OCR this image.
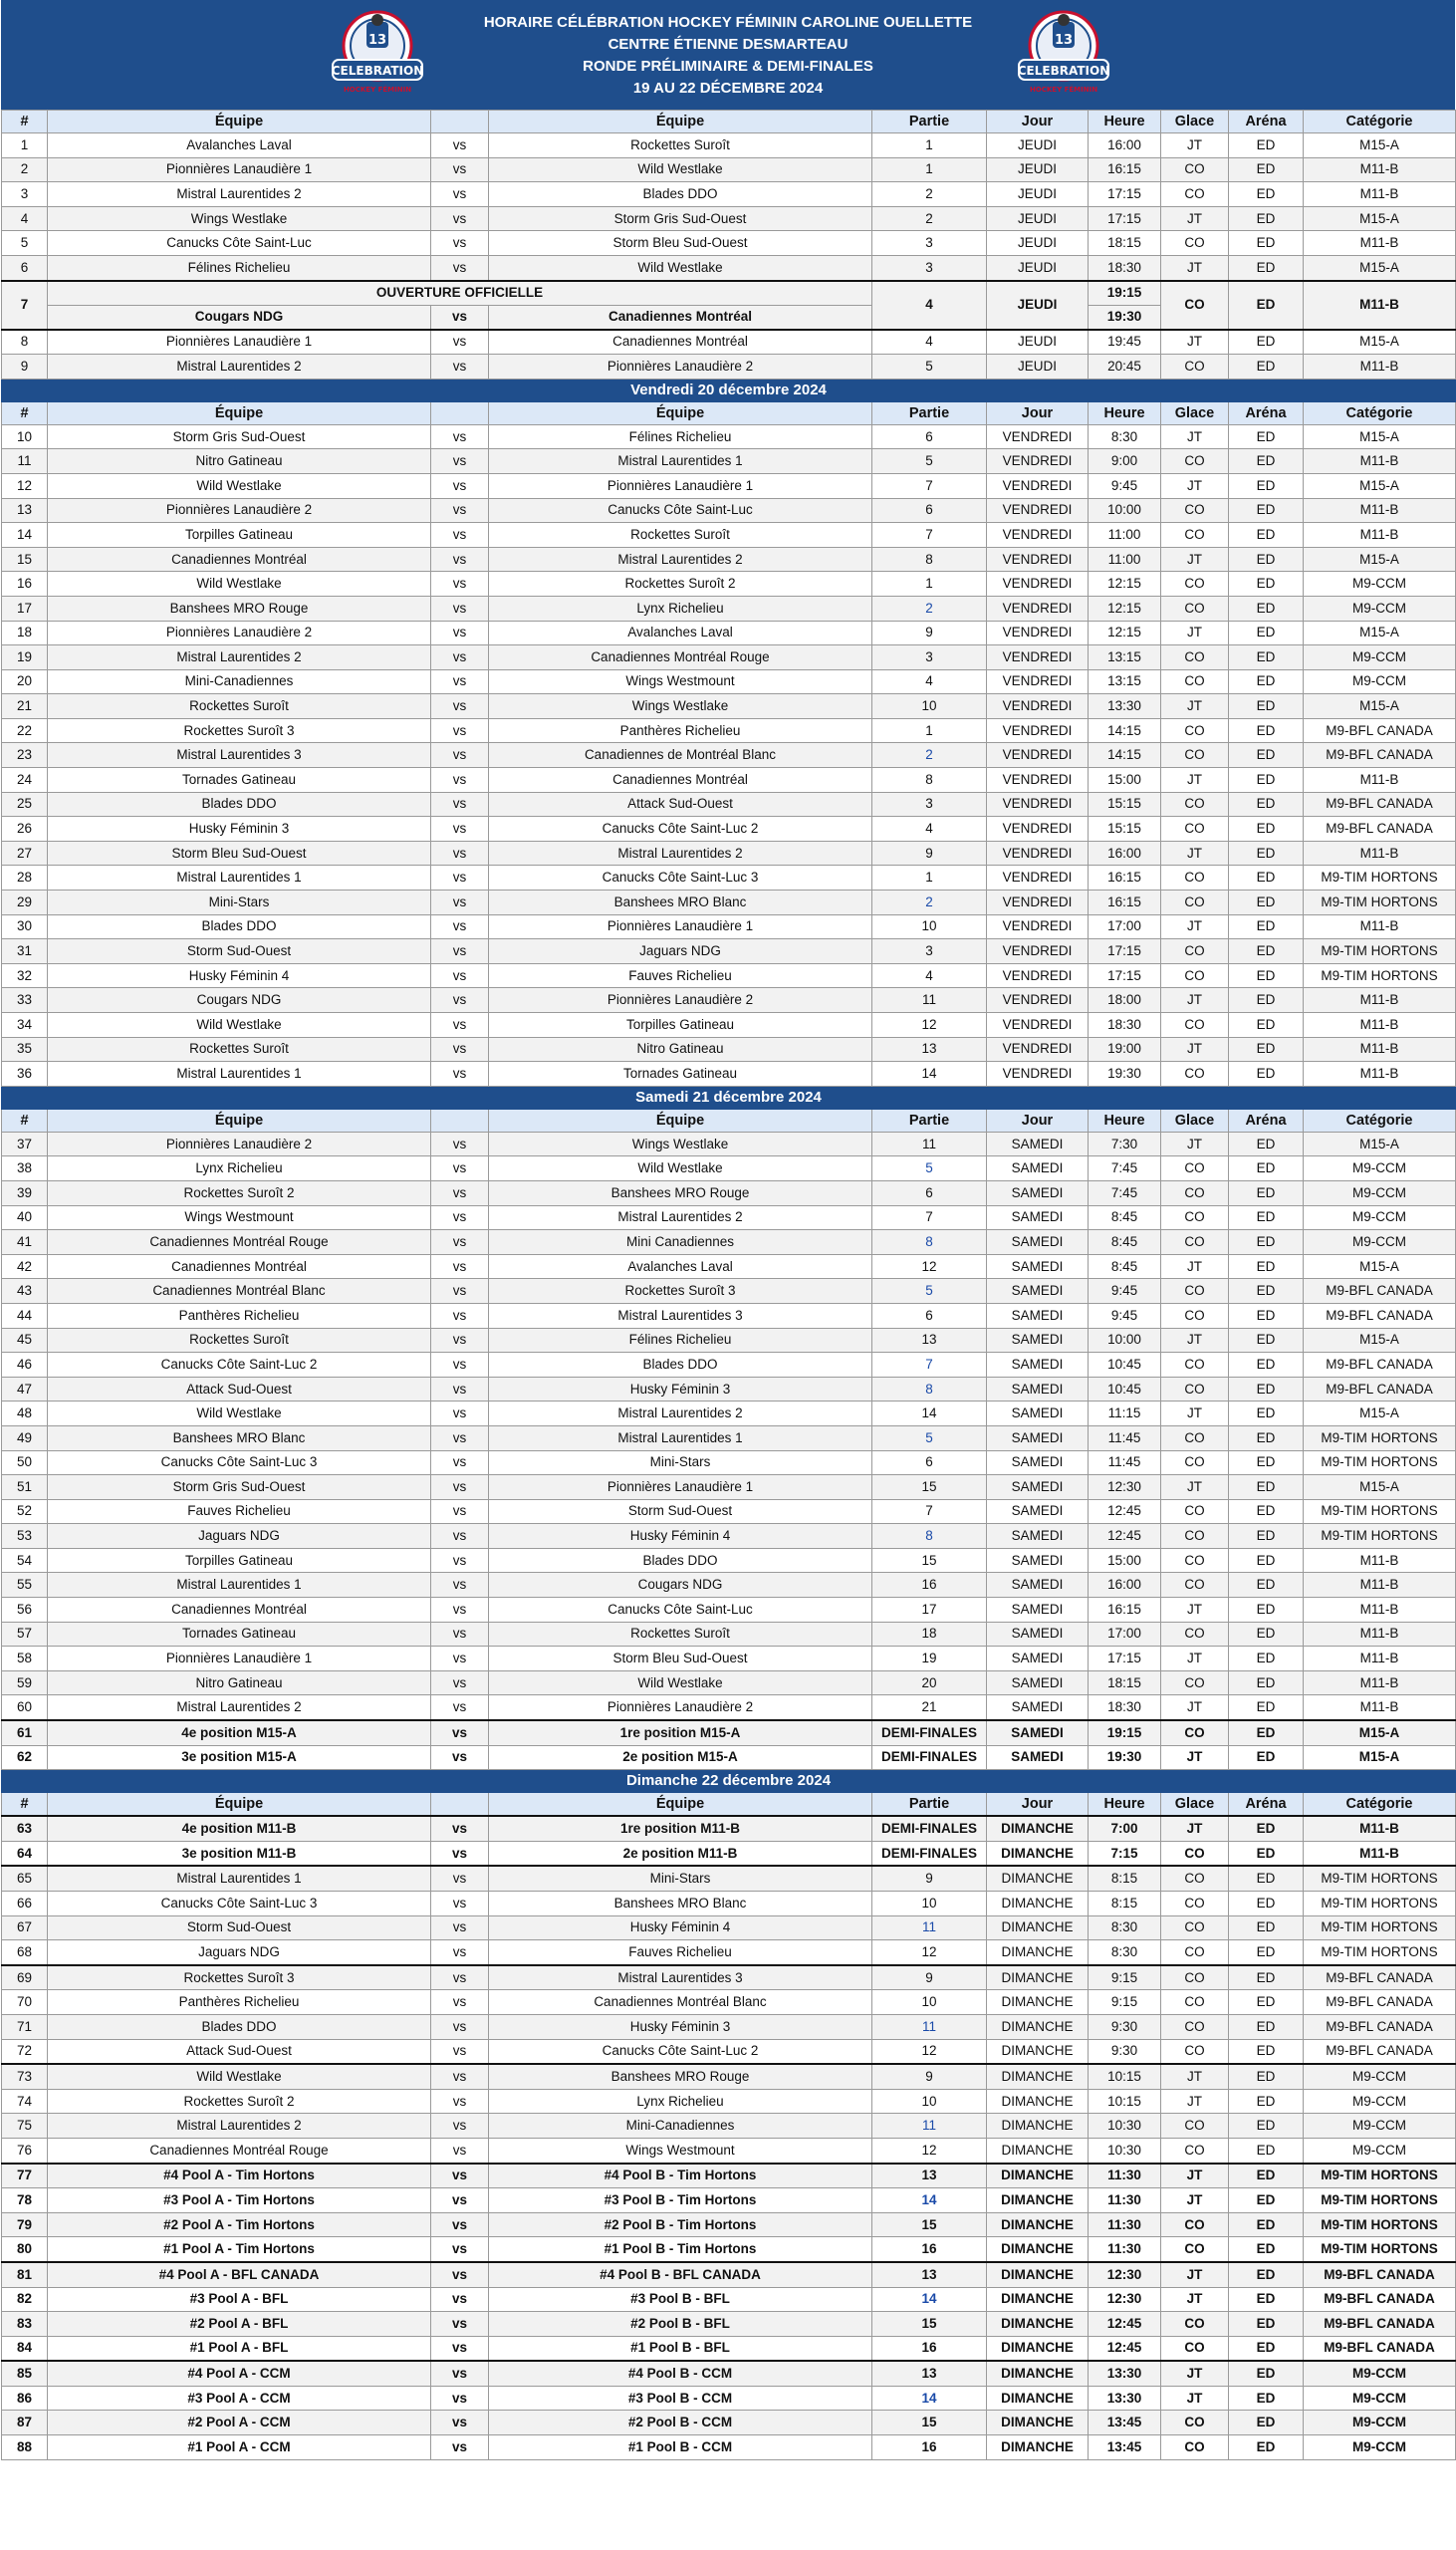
13
CELEBRATION
HOCKEY FÉMININ
HORAIRE CÉLÉBRATION HOCKEY FÉMININ CAROLINE OUELLETTE
CENTRE ÉTIENNE DESMARTEAU
RONDE PRÉLIMINAIRE & DEMI-FINALES
19 AU 22 DÉCEMBRE 2024
13
CELEBRATION
HOCKEY FÉMININ
#	Équipe		Équipe	Partie	Jour	Heure	Glace	Aréna	Catégorie
1	Avalanches Laval	vs	Rockettes Suroît	1	JEUDI	16:00	JT	ED	M15-A
2	Pionnières Lanaudière 1	vs	Wild Westlake	1	JEUDI	16:15	CO	ED	M11-B
3	Mistral Laurentides 2	vs	Blades DDO	2	JEUDI	17:15	CO	ED	M11-B
4	Wings Westlake	vs	Storm Gris Sud-Ouest	2	JEUDI	17:15	JT	ED	M15-A
5	Canucks Côte Saint-Luc	vs	Storm Bleu Sud-Ouest	3	JEUDI	18:15	CO	ED	M11-B
6	Félines Richelieu	vs	Wild Westlake	3	JEUDI	18:30	JT	ED	M15-A
7	OUVERTURE OFFICIELLE			4	JEUDI	19:15	CO	ED	M11-B
	Cougars NDG	vs	Canadiennes Montréal			19:30			
8	Pionnières Lanaudière 1	vs	Canadiennes Montréal	4	JEUDI	19:45	JT	ED	M15-A
9	Mistral Laurentides 2	vs	Pionnières Lanaudière 2	5	JEUDI	20:45	CO	ED	M11-B
Vendredi 20 décembre 2024									
#	Équipe		Équipe	Partie	Jour	Heure	Glace	Aréna	Catégorie
10	Storm Gris Sud-Ouest	vs	Félines Richelieu	6	VENDREDI	8:30	JT	ED	M15-A
11	Nitro Gatineau	vs	Mistral Laurentides 1	5	VENDREDI	9:00	CO	ED	M11-B
12	Wild Westlake	vs	Pionnières Lanaudière 1	7	VENDREDI	9:45	JT	ED	M15-A
13	Pionnières Lanaudière 2	vs	Canucks Côte Saint-Luc	6	VENDREDI	10:00	CO	ED	M11-B
14	Torpilles Gatineau	vs	Rockettes Suroît	7	VENDREDI	11:00	CO	ED	M11-B
15	Canadiennes Montréal	vs	Mistral Laurentides 2	8	VENDREDI	11:00	JT	ED	M15-A
16	Wild Westlake	vs	Rockettes Suroît 2	1	VENDREDI	12:15	CO	ED	M9-CCM
17	Banshees MRO Rouge	vs	Lynx Richelieu	2	VENDREDI	12:15	CO	ED	M9-CCM
18	Pionnières Lanaudière 2	vs	Avalanches Laval	9	VENDREDI	12:15	JT	ED	M15-A
19	Mistral Laurentides 2	vs	Canadiennes Montréal Rouge	3	VENDREDI	13:15	CO	ED	M9-CCM
20	Mini-Canadiennes	vs	Wings Westmount	4	VENDREDI	13:15	CO	ED	M9-CCM
21	Rockettes Suroît	vs	Wings Westlake	10	VENDREDI	13:30	JT	ED	M15-A
22	Rockettes Suroît 3	vs	Panthères Richelieu	1	VENDREDI	14:15	CO	ED	M9-BFL CANADA
23	Mistral Laurentides 3	vs	Canadiennes de Montréal Blanc	2	VENDREDI	14:15	CO	ED	M9-BFL CANADA
24	Tornades Gatineau	vs	Canadiennes Montréal	8	VENDREDI	15:00	JT	ED	M11-B
25	Blades DDO	vs	Attack Sud-Ouest	3	VENDREDI	15:15	CO	ED	M9-BFL CANADA
26	Husky Féminin 3	vs	Canucks Côte Saint-Luc 2	4	VENDREDI	15:15	CO	ED	M9-BFL CANADA
27	Storm Bleu Sud-Ouest	vs	Mistral Laurentides 2	9	VENDREDI	16:00	JT	ED	M11-B
28	Mistral Laurentides 1	vs	Canucks Côte Saint-Luc 3	1	VENDREDI	16:15	CO	ED	M9-TIM HORTONS
29	Mini-Stars	vs	Banshees MRO Blanc	2	VENDREDI	16:15	CO	ED	M9-TIM HORTONS
30	Blades DDO	vs	Pionnières Lanaudière 1	10	VENDREDI	17:00	JT	ED	M11-B
31	Storm Sud-Ouest	vs	Jaguars NDG	3	VENDREDI	17:15	CO	ED	M9-TIM HORTONS
32	Husky Féminin 4	vs	Fauves Richelieu	4	VENDREDI	17:15	CO	ED	M9-TIM HORTONS
33	Cougars NDG	vs	Pionnières Lanaudière 2	11	VENDREDI	18:00	JT	ED	M11-B
34	Wild Westlake	vs	Torpilles Gatineau	12	VENDREDI	18:30	CO	ED	M11-B
35	Rockettes Suroît	vs	Nitro Gatineau	13	VENDREDI	19:00	JT	ED	M11-B
36	Mistral Laurentides 1	vs	Tornades Gatineau	14	VENDREDI	19:30	CO	ED	M11-B
Samedi 21 décembre 2024									
#	Équipe		Équipe	Partie	Jour	Heure	Glace	Aréna	Catégorie
37	Pionnières Lanaudière 2	vs	Wings Westlake	11	SAMEDI	7:30	JT	ED	M15-A
38	Lynx Richelieu	vs	Wild Westlake	5	SAMEDI	7:45	CO	ED	M9-CCM
39	Rockettes Suroît 2	vs	Banshees MRO Rouge	6	SAMEDI	7:45	CO	ED	M9-CCM
40	Wings Westmount	vs	Mistral Laurentides 2	7	SAMEDI	8:45	CO	ED	M9-CCM
41	Canadiennes Montréal Rouge	vs	Mini Canadiennes	8	SAMEDI	8:45	CO	ED	M9-CCM
42	Canadiennes Montréal	vs	Avalanches Laval	12	SAMEDI	8:45	JT	ED	M15-A
43	Canadiennes Montréal Blanc	vs	Rockettes Suroît 3	5	SAMEDI	9:45	CO	ED	M9-BFL CANADA
44	Panthères Richelieu	vs	Mistral Laurentides 3	6	SAMEDI	9:45	CO	ED	M9-BFL CANADA
45	Rockettes Suroît	vs	Félines Richelieu	13	SAMEDI	10:00	JT	ED	M15-A
46	Canucks Côte Saint-Luc 2	vs	Blades DDO	7	SAMEDI	10:45	CO	ED	M9-BFL CANADA
47	Attack Sud-Ouest	vs	Husky Féminin 3	8	SAMEDI	10:45	CO	ED	M9-BFL CANADA
48	Wild Westlake	vs	Mistral Laurentides 2	14	SAMEDI	11:15	JT	ED	M15-A
49	Banshees MRO Blanc	vs	Mistral Laurentides 1	5	SAMEDI	11:45	CO	ED	M9-TIM HORTONS
50	Canucks Côte Saint-Luc 3	vs	Mini-Stars	6	SAMEDI	11:45	CO	ED	M9-TIM HORTONS
51	Storm Gris Sud-Ouest	vs	Pionnières Lanaudière 1	15	SAMEDI	12:30	JT	ED	M15-A
52	Fauves Richelieu	vs	Storm Sud-Ouest	7	SAMEDI	12:45	CO	ED	M9-TIM HORTONS
53	Jaguars NDG	vs	Husky Féminin 4	8	SAMEDI	12:45	CO	ED	M9-TIM HORTONS
54	Torpilles Gatineau	vs	Blades DDO	15	SAMEDI	15:00	CO	ED	M11-B
55	Mistral Laurentides 1	vs	Cougars NDG	16	SAMEDI	16:00	CO	ED	M11-B
56	Canadiennes Montréal	vs	Canucks Côte Saint-Luc	17	SAMEDI	16:15	JT	ED	M11-B
57	Tornades Gatineau	vs	Rockettes Suroît	18	SAMEDI	17:00	CO	ED	M11-B
58	Pionnières Lanaudière 1	vs	Storm Bleu Sud-Ouest	19	SAMEDI	17:15	JT	ED	M11-B
59	Nitro Gatineau	vs	Wild Westlake	20	SAMEDI	18:15	CO	ED	M11-B
60	Mistral Laurentides 2	vs	Pionnières Lanaudière 2	21	SAMEDI	18:30	JT	ED	M11-B
61	4e position M15-A	vs	1re position M15-A	DEMI-FINALES	SAMEDI	19:15	CO	ED	M15-A
62	3e position M15-A	vs	2e position M15-A	DEMI-FINALES	SAMEDI	19:30	JT	ED	M15-A
Dimanche 22 décembre 2024									
#	Équipe		Équipe	Partie	Jour	Heure	Glace	Aréna	Catégorie
63	4e position M11-B	vs	1re position M11-B	DEMI-FINALES	DIMANCHE	7:00	JT	ED	M11-B
64	3e position M11-B	vs	2e position M11-B	DEMI-FINALES	DIMANCHE	7:15	CO	ED	M11-B
65	Mistral Laurentides 1	vs	Mini-Stars	9	DIMANCHE	8:15	CO	ED	M9-TIM HORTONS
66	Canucks Côte Saint-Luc 3	vs	Banshees MRO Blanc	10	DIMANCHE	8:15	CO	ED	M9-TIM HORTONS
67	Storm Sud-Ouest	vs	Husky Féminin 4	11	DIMANCHE	8:30	CO	ED	M9-TIM HORTONS
68	Jaguars NDG	vs	Fauves Richelieu	12	DIMANCHE	8:30	CO	ED	M9-TIM HORTONS
69	Rockettes Suroît 3	vs	Mistral Laurentides 3	9	DIMANCHE	9:15	CO	ED	M9-BFL CANADA
70	Panthères Richelieu	vs	Canadiennes Montréal Blanc	10	DIMANCHE	9:15	CO	ED	M9-BFL CANADA
71	Blades DDO	vs	Husky Féminin 3	11	DIMANCHE	9:30	CO	ED	M9-BFL CANADA
72	Attack Sud-Ouest	vs	Canucks Côte Saint-Luc 2	12	DIMANCHE	9:30	CO	ED	M9-BFL CANADA
73	Wild Westlake	vs	Banshees MRO Rouge	9	DIMANCHE	10:15	JT	ED	M9-CCM
74	Rockettes Suroît 2	vs	Lynx Richelieu	10	DIMANCHE	10:15	JT	ED	M9-CCM
75	Mistral Laurentides 2	vs	Mini-Canadiennes	11	DIMANCHE	10:30	CO	ED	M9-CCM
76	Canadiennes Montréal Rouge	vs	Wings Westmount	12	DIMANCHE	10:30	CO	ED	M9-CCM
77	#4 Pool A - Tim Hortons	vs	#4 Pool B - Tim Hortons	13	DIMANCHE	11:30	JT	ED	M9-TIM HORTONS
78	#3 Pool A - Tim Hortons	vs	#3 Pool B - Tim Hortons	14	DIMANCHE	11:30	JT	ED	M9-TIM HORTONS
79	#2 Pool A - Tim Hortons	vs	#2 Pool B - Tim Hortons	15	DIMANCHE	11:30	CO	ED	M9-TIM HORTONS
80	#1 Pool A - Tim Hortons	vs	#1 Pool B - Tim Hortons	16	DIMANCHE	11:30	CO	ED	M9-TIM HORTONS
81	#4 Pool A - BFL CANADA	vs	#4 Pool B - BFL CANADA	13	DIMANCHE	12:30	JT	ED	M9-BFL CANADA
82	#3 Pool A - BFL	vs	#3 Pool B - BFL	14	DIMANCHE	12:30	JT	ED	M9-BFL CANADA
83	#2 Pool A - BFL	vs	#2 Pool B - BFL	15	DIMANCHE	12:45	CO	ED	M9-BFL CANADA
84	#1 Pool A - BFL	vs	#1 Pool B - BFL	16	DIMANCHE	12:45	CO	ED	M9-BFL CANADA
85	#4 Pool A - CCM	vs	#4 Pool B - CCM	13	DIMANCHE	13:30	JT	ED	M9-CCM
86	#3 Pool A - CCM	vs	#3 Pool B - CCM	14	DIMANCHE	13:30	JT	ED	M9-CCM
87	#2 Pool A - CCM	vs	#2 Pool B - CCM	15	DIMANCHE	13:45	CO	ED	M9-CCM
88	#1 Pool A - CCM	vs	#1 Pool B - CCM	16	DIMANCHE	13:45	CO	ED	M9-CCM
